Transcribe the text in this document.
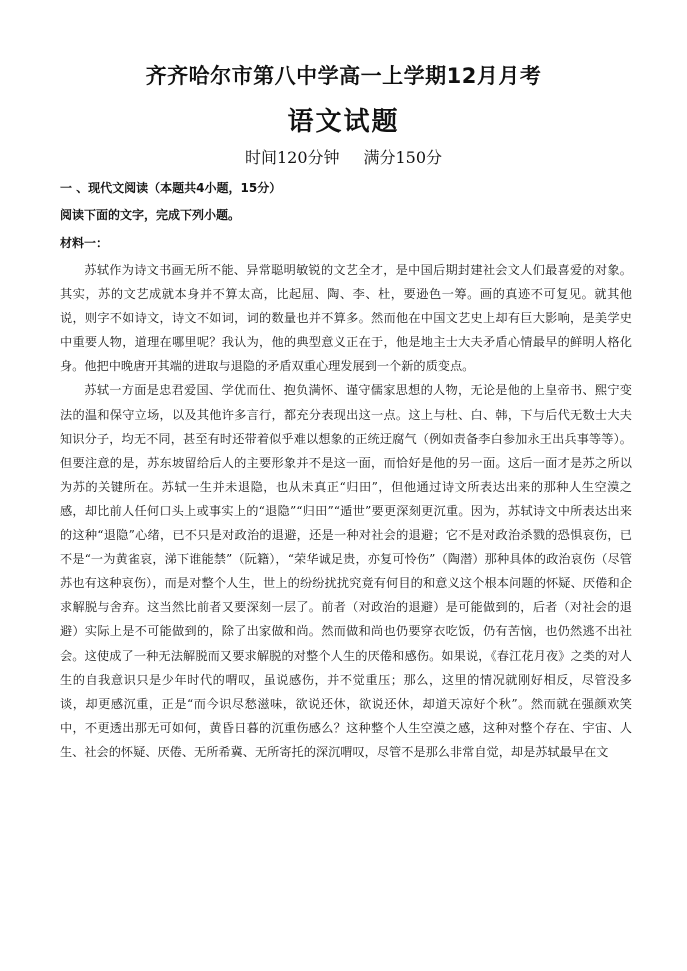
齐齐哈尔市第八中学高一上学期12月月考
语文试题
时间120分钟 满分150分
一 、现代文阅读（本题共4小题，15分）
阅读下面的文字，完成下列小题。
材料一：

苏轼作为诗文书画无所不能、异常聪明敏锐的文艺全才，是中国后期封建社会文人们最喜爱的对象。其实，苏的文艺成就本身并不算太高，比起屈、陶、李、杜，要逊色一筹。画的真迹不可复见。就其他说，则字不如诗文，诗文不如词，词的数量也并不算多。然而他在中国文艺史上却有巨大影响，是美学史中重要人物，道理在哪里呢？我认为，他的典型意义正在于，他是地主士大夫矛盾心情最早的鲜明人格化身。他把中晚唐开其端的进取与退隐的矛盾双重心理发展到一个新的质变点。

苏轼一方面是忠君爱国、学优而仕、抱负满怀、谨守儒家思想的人物，无论是他的上皇帝书、熙宁变法的温和保守立场，以及其他许多言行，都充分表现出这一点。这上与杜、白、韩，下与后代无数士大夫知识分子，均无不同，甚至有时还带着似乎难以想象的正统迂腐气（例如责备李白参加永王出兵事等等）。但要注意的是，苏东坡留给后人的主要形象并不是这一面，而恰好是他的另一面。这后一面才是苏之所以为苏的关键所在。苏轼一生并未退隐，也从未真正“归田”，但他通过诗文所表达出来的那种人生空漠之感，却比前人任何口头上或事实上的“退隐”“归田”“遁世”要更深刻更沉重。因为，苏轼诗文中所表达出来的这种“退隐”心绪，已不只是对政治的退避，还是一种对社会的退避；它不是对政治杀戮的恐惧哀伤，已不是“一为黄雀哀，涕下谁能禁”（阮籍），“荣华诚足贵，亦复可怜伤”（陶潜）那种具体的政治哀伤（尽管苏也有这种哀伤），而是对整个人生，世上的纷纷扰扰究竟有何目的和意义这个根本问题的怀疑、厌倦和企求解脱与舍弃。这当然比前者又要深刻一层了。前者（对政治的退避）是可能做到的，后者（对社会的退避）实际上是不可能做到的，除了出家做和尚。然而做和尚也仍要穿衣吃饭，仍有苦恼，也仍然逃不出社会。这使成了一种无法解脱而又要求解脱的对整个人生的厌倦和感伤。如果说，《春江花月夜》之类的对人生的自我意识只是少年时代的喟叹，虽说感伤，并不觉重压；那么，这里的情况就刚好相反，尽管没多谈，却更感沉重，正是“而今识尽愁滋味，欲说还休，欲说还休，却道天凉好个秋”。然而就在强颜欢笑中，不更透出那无可如何，黄昏日暮的沉重伤感么？这种整个人生空漠之感，这种对整个存在、宇宙、人生、社会的怀疑、厌倦、无所希冀、无所寄托的深沉喟叹，尽管不是那么非常自觉，却是苏轼最早在文
